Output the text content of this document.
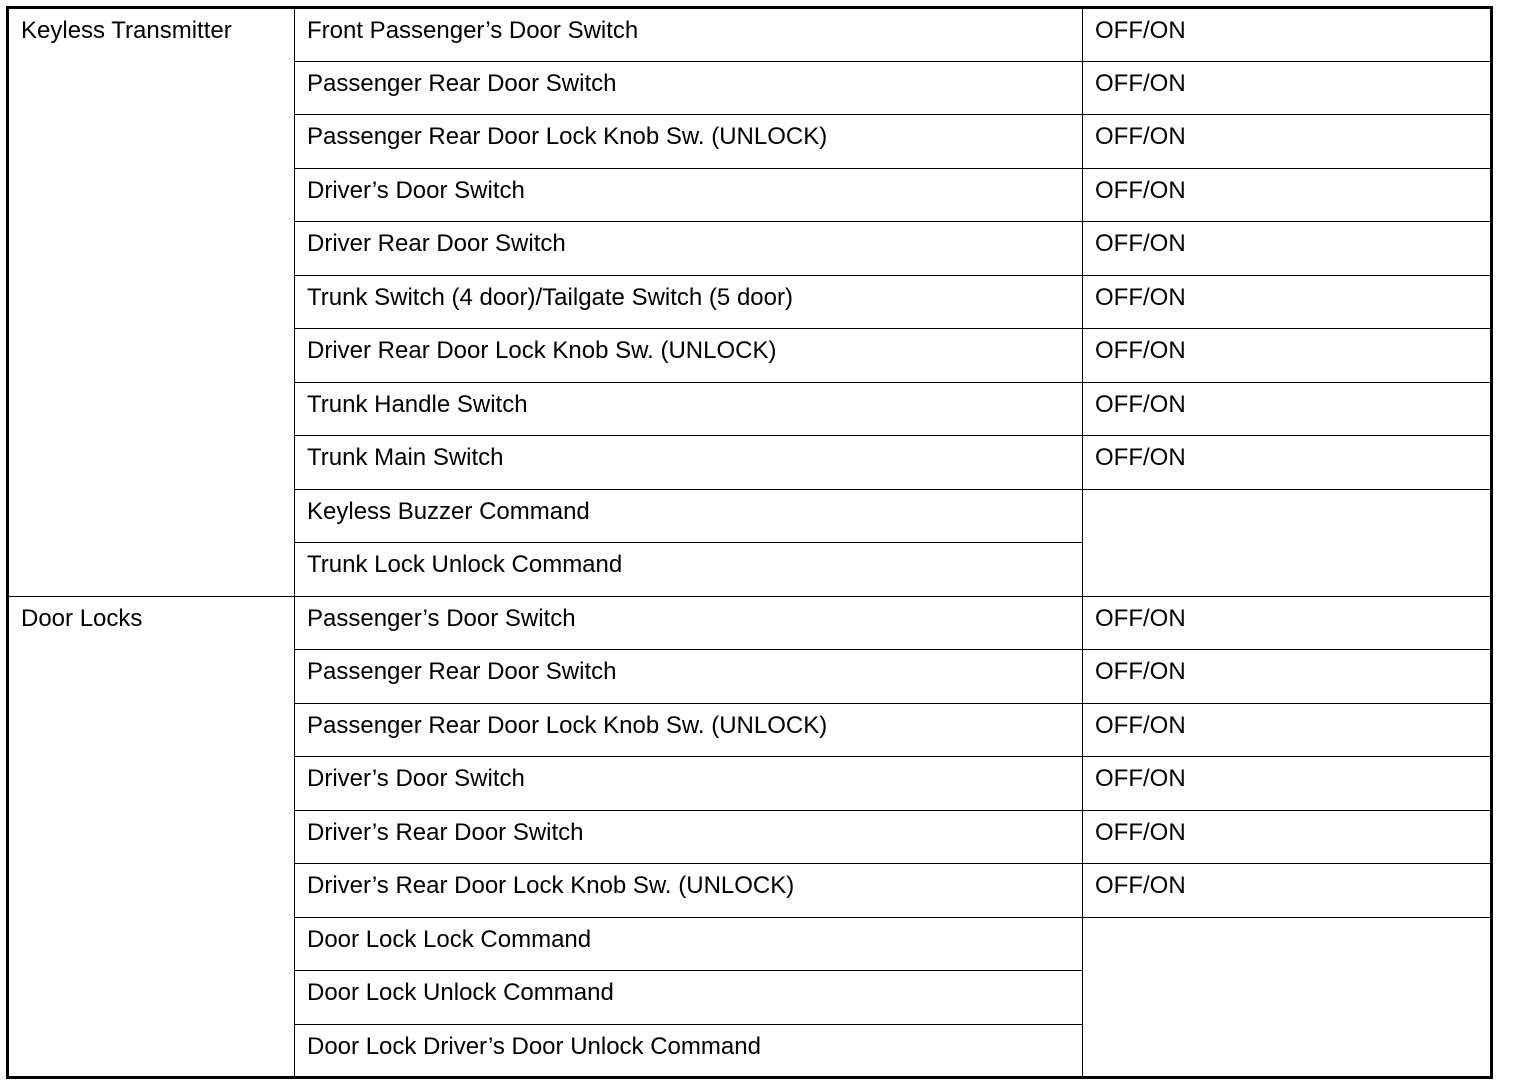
Keyless Transmitter	Front Passenger’s Door Switch	OFF/ON
	Passenger Rear Door Switch	OFF/ON
	Passenger Rear Door Lock Knob Sw. (UNLOCK)	OFF/ON
	Driver’s Door Switch	OFF/ON
	Driver Rear Door Switch	OFF/ON
	Trunk Switch (4 door)/Tailgate Switch (5 door)	OFF/ON
	Driver Rear Door Lock Knob Sw. (UNLOCK)	OFF/ON
	Trunk Handle Switch	OFF/ON
	Trunk Main Switch	OFF/ON
	Keyless Buzzer Command	
	Trunk Lock Unlock Command	
Door Locks	Passenger’s Door Switch	OFF/ON
	Passenger Rear Door Switch	OFF/ON
	Passenger Rear Door Lock Knob Sw. (UNLOCK)	OFF/ON
	Driver’s Door Switch	OFF/ON
	Driver’s Rear Door Switch	OFF/ON
	Driver’s Rear Door Lock Knob Sw. (UNLOCK)	OFF/ON
	Door Lock Lock Command	
	Door Lock Unlock Command	
	Door Lock Driver’s Door Unlock Command	
